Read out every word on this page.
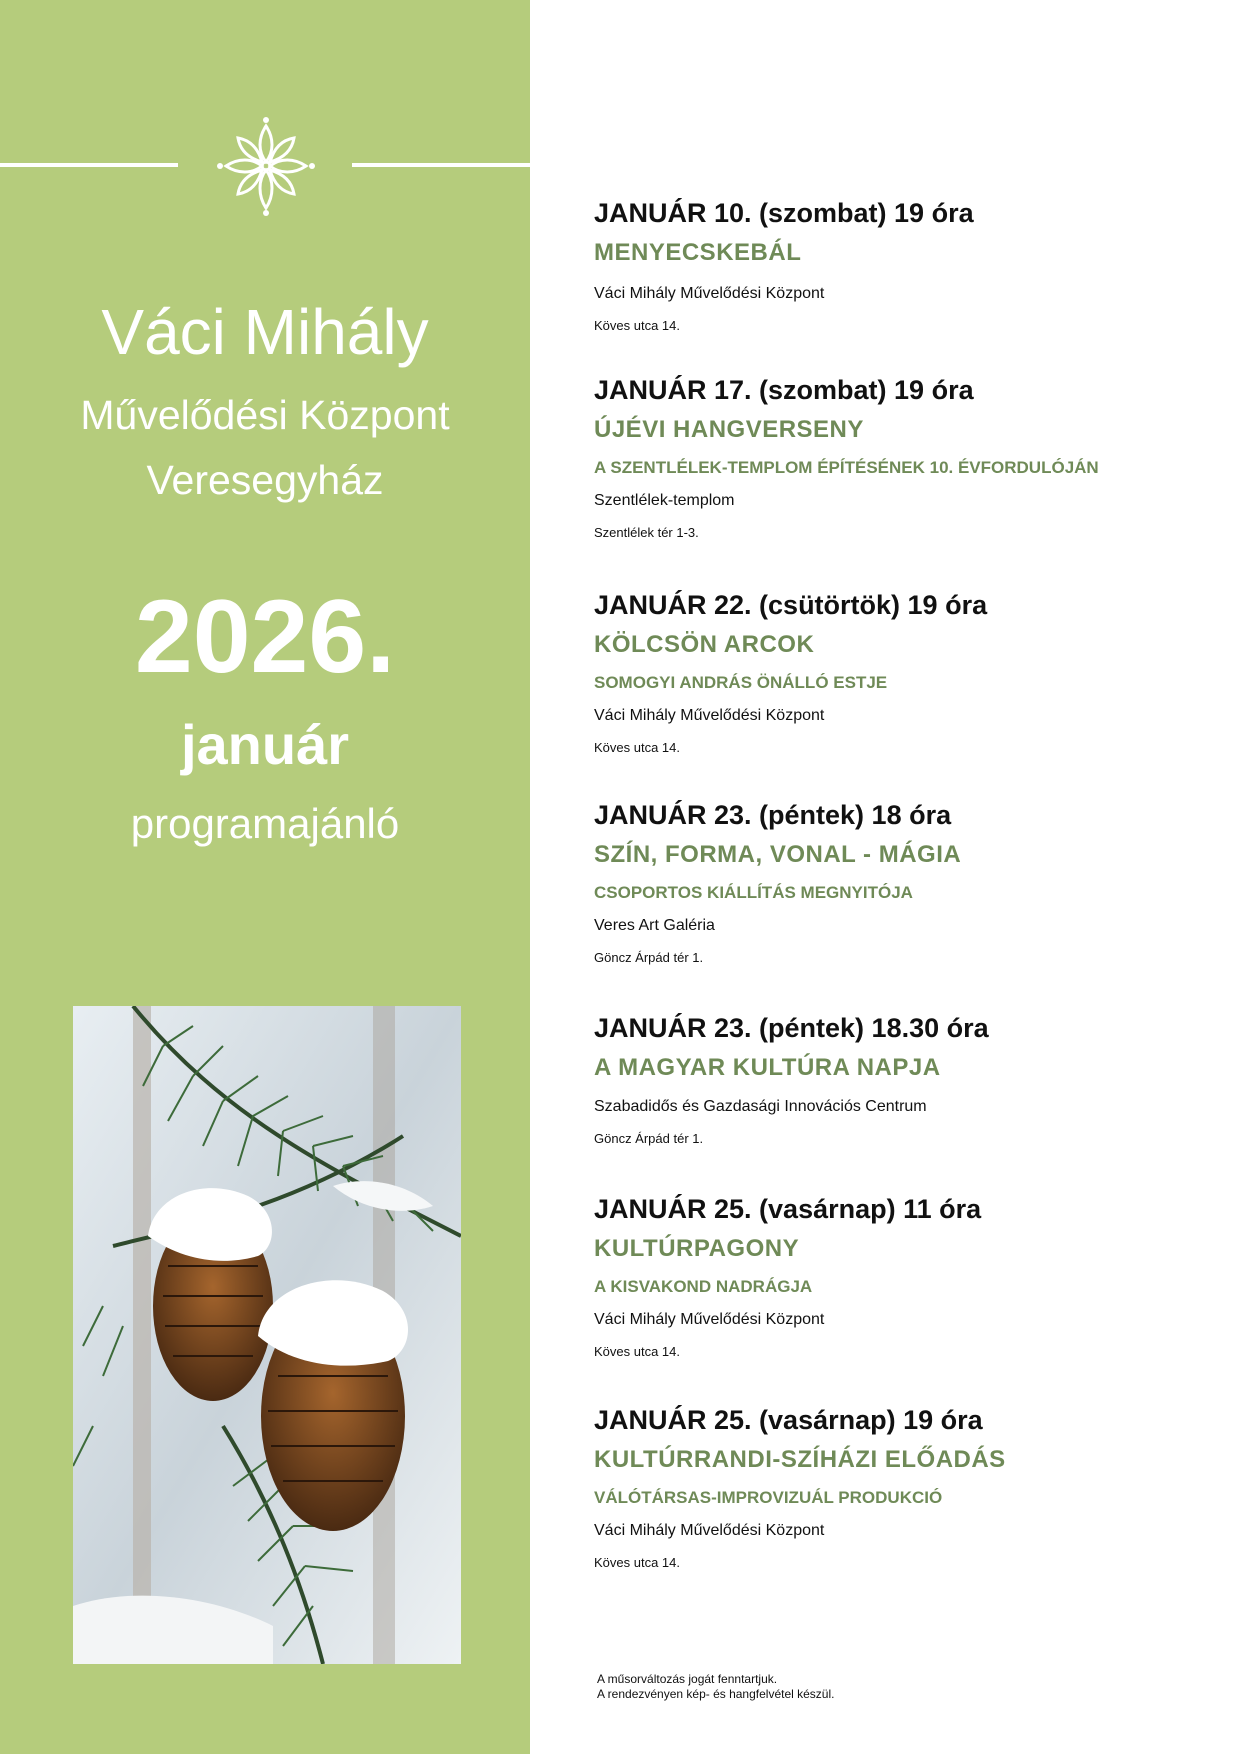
Váci Mihály
Művelődési Központ
Veresegyház
2026.
január
programajánló
JANUÁR 10. (szombat) 19 óra
MENYECSKEBÁL
Váci Mihály Művelődési Központ
Köves utca 14.
JANUÁR 17. (szombat) 19 óra
ÚJÉVI HANGVERSENY
A SZENTLÉLEK-TEMPLOM ÉPÍTÉSÉNEK 10. ÉVFORDULÓJÁN
Szentlélek-templom
Szentlélek tér 1-3.
JANUÁR 22. (csütörtök) 19 óra
KÖLCSÖN ARCOK
SOMOGYI ANDRÁS ÖNÁLLÓ ESTJE
Váci Mihály Művelődési Központ
Köves utca 14.
JANUÁR 23. (péntek) 18 óra
SZÍN, FORMA, VONAL - MÁGIA
CSOPORTOS KIÁLLÍTÁS MEGNYITÓJA
Veres Art Galéria
Göncz Árpád tér 1.
JANUÁR 23. (péntek) 18.30 óra
A MAGYAR KULTÚRA NAPJA
Szabadidős és Gazdasági Innovációs Centrum
Göncz Árpád tér 1.
JANUÁR 25. (vasárnap) 11 óra
KULTÚRPAGONY
A KISVAKOND NADRÁGJA
Váci Mihály Művelődési Központ
Köves utca 14.
JANUÁR 25. (vasárnap) 19 óra
KULTÚRRANDI-SZÍHÁZI ELŐADÁS
VÁLÓTÁRSAS-IMPROVIZUÁL PRODUKCIÓ
Váci Mihály Művelődési Központ
Köves utca 14.
A műsorváltozás jogát fenntartjuk.
A rendezvényen kép- és hangfelvétel készül.
